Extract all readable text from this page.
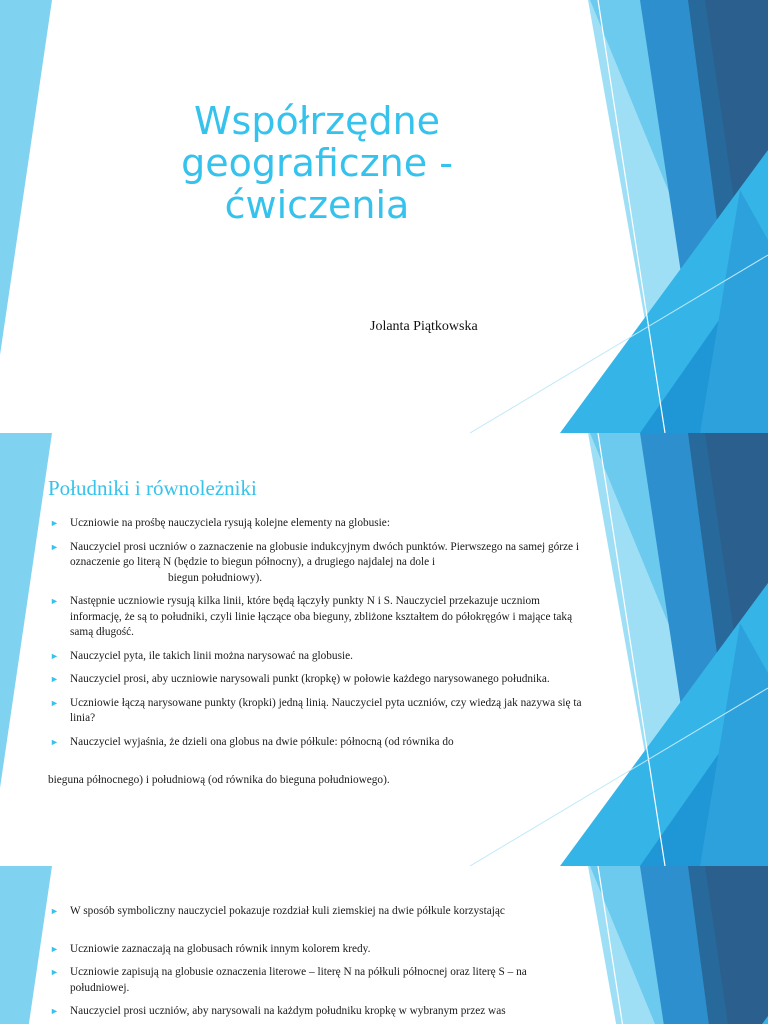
Współrzędne
geograficzne -
ćwiczenia
Jolanta Piątkowska
Południki i równoleżniki
► Uczniowie na prośbę nauczyciela rysują kolejne elementy na globusie:
► Nauczyciel prosi uczniów o zaznaczenie na globusie indukcyjnym dwóch punktów. Pierwszego na samej górze i oznaczenie go literą N (będzie to biegun północny), a drugiego najdalej na dole i
biegun południowy).
► Następnie uczniowie rysują kilka linii, które będą łączyły punkty N i S. Nauczyciel przekazuje uczniom informację, że są to południki, czyli linie łączące oba bieguny, zbliżone kształtem do półokręgów i mające taką samą długość.
► Nauczyciel pyta, ile takich linii można narysować na globusie.
► Nauczyciel prosi, aby uczniowie narysowali punkt (kropkę) w połowie każdego narysowanego południka.
► Uczniowie łączą narysowane punkty (kropki) jedną linią. Nauczyciel pyta uczniów, czy wiedzą jak nazywa się ta linia?
► Nauczyciel wyjaśnia, że dzieli ona globus na dwie półkule: północną (od równika do
bieguna północnego) i południową (od równika do bieguna południowego).
► W sposób symboliczny nauczyciel pokazuje rozdział kuli ziemskiej na dwie półkule korzystając
► Uczniowie zaznaczają na globusach równik innym kolorem kredy.
► Uczniowie zapisują na globusie oznaczenia literowe – literę N na półkuli północnej oraz literę S – na południowej.
► Nauczyciel prosi uczniów, aby narysowali na każdym południku kropkę w wybranym przez was
